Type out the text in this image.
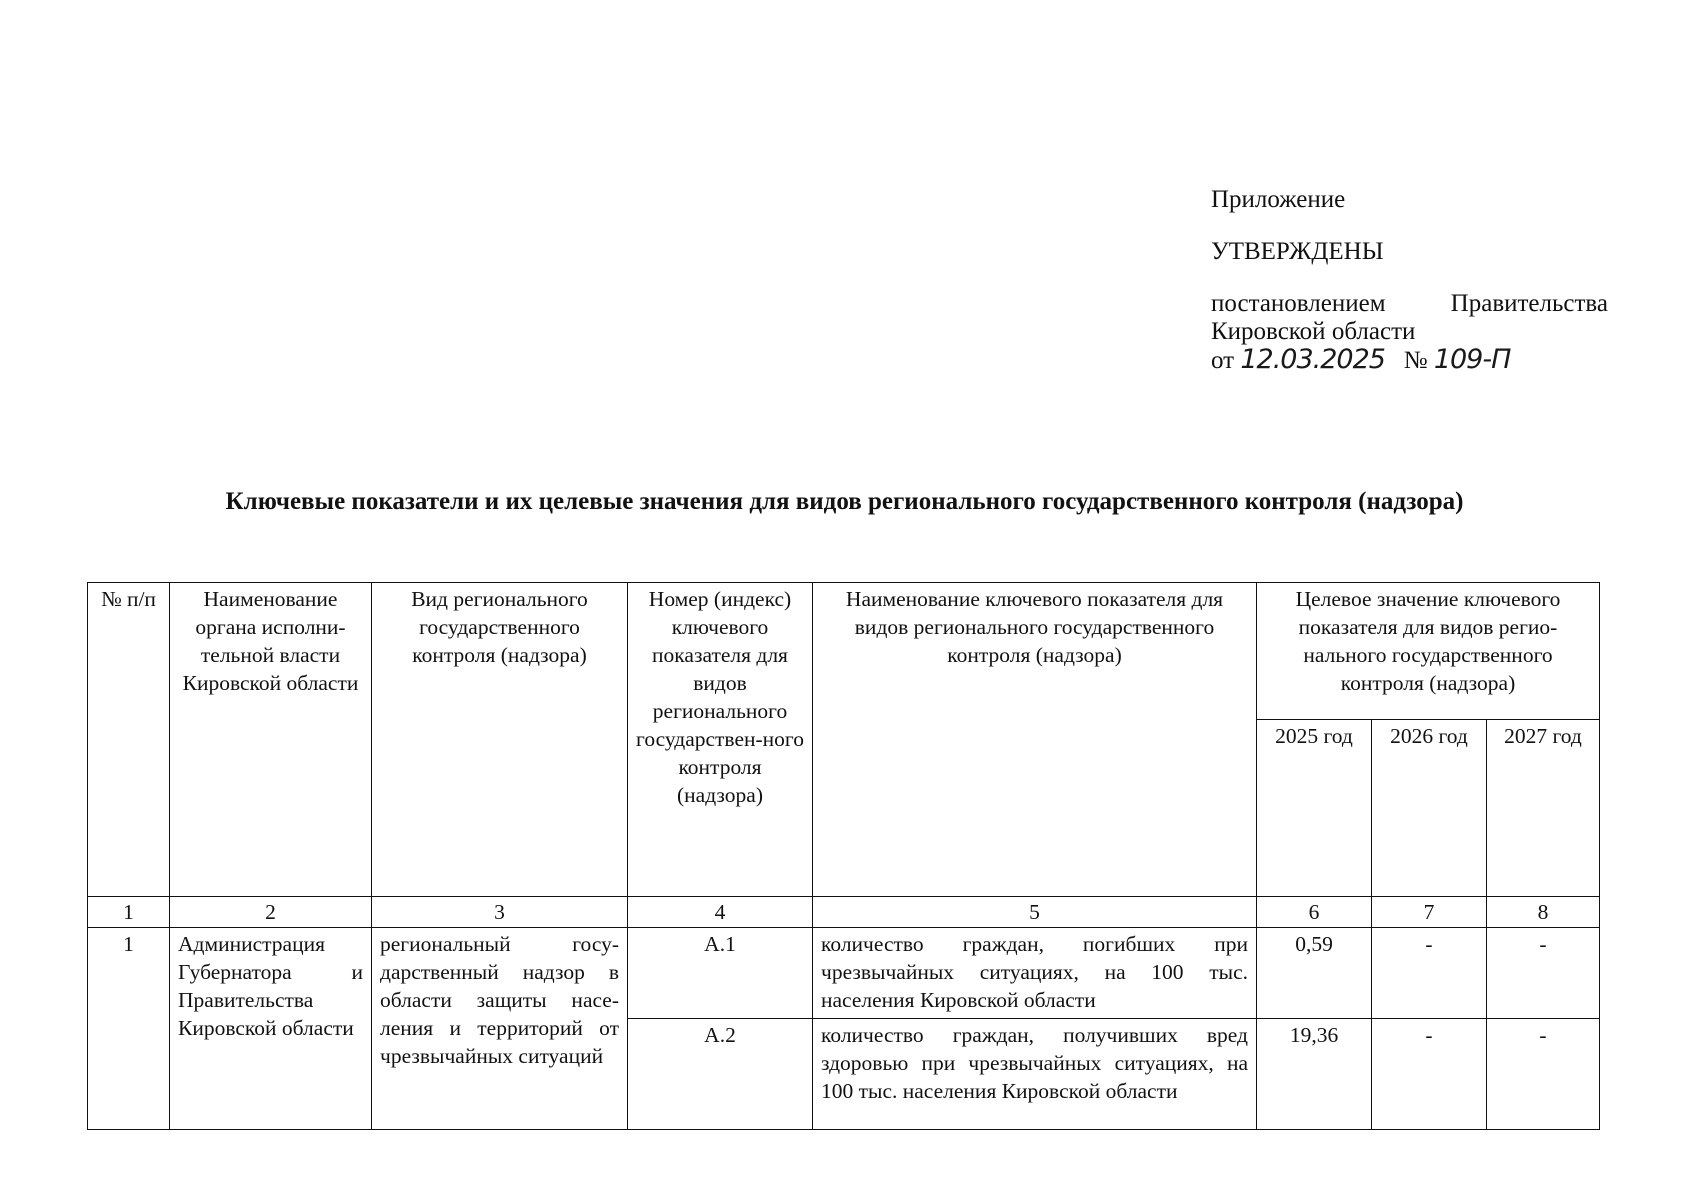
Приложение
УТВЕРЖДЕНЫ
постановлением	Правительства
Кировской области
от 12.03.2025 № 109-П
Ключевые показатели и их целевые значения для видов регионального государственного контроля (надзора)
№ п/п	Наименование органа исполни-тельной власти Кировской области	Вид регионального государственного контроля (надзора)	Номер (индекс) ключевого показателя для видов регионального государствен-ного контроля (надзора)	Наименование ключевого показателя для видов регионального государственного контроля (надзора)	Целевое значение ключевого показателя для видов регио-нального государственного контроля (надзора)		
					2025 год	2026 год	2027 год
1	2	3	4	5	6	7	8
1	Администрация Губернатора и Правительства Кировской области	региональный госу-дарственный надзор в области защиты насе-ления и территорий от чрезвычайных ситуаций	А.1	количество граждан, погибших при чрезвычайных ситуациях, на 100 тыс. населения Кировской области	0,59	-	-
			А.2	количество граждан, получивших вред здоровью при чрезвычайных ситуациях, на 100 тыс. населения Кировской области	19,36	-	-
